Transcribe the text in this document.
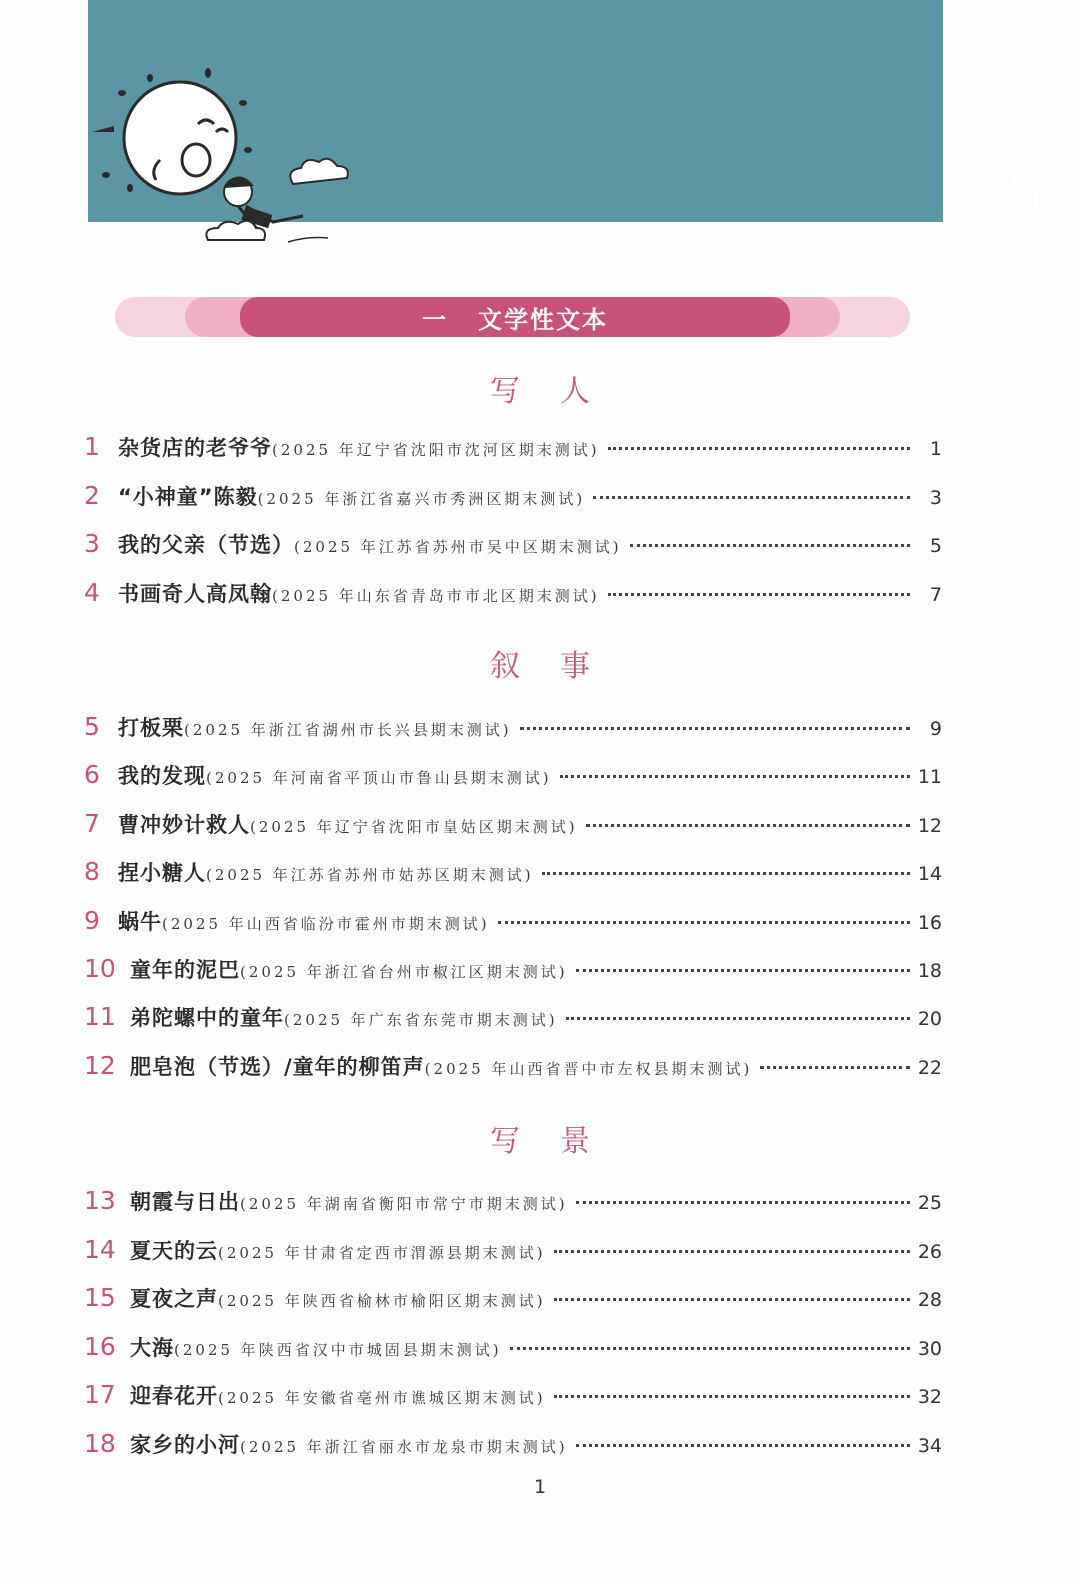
目
录
一 文学性文本
写人
1 杂货店的老爷爷 (2025 年辽宁省沈阳市沈河区期末测试)	1
2 “小神童”陈毅 (2025 年浙江省嘉兴市秀洲区期末测试)	3
3 我的父亲（节选） (2025 年江苏省苏州市吴中区期末测试)	5
4 书画奇人高凤翰 (2025 年山东省青岛市市北区期末测试)	7
叙事
5 打板栗 (2025 年浙江省湖州市长兴县期末测试)	9
6 我的发现 (2025 年河南省平顶山市鲁山县期末测试)	11
7 曹冲妙计救人 (2025 年辽宁省沈阳市皇姑区期末测试)	12
8 捏小糖人 (2025 年江苏省苏州市姑苏区期末测试)	14
9 蜗牛 (2025 年山西省临汾市霍州市期末测试)	16
10 童年的泥巴 (2025 年浙江省台州市椒江区期末测试)	18
11 弟陀螺中的童年 (2025 年广东省东莞市期末测试)	20
12 肥皂泡（节选）/童年的柳笛声 (2025 年山西省晋中市左权县期末测试)	22
写景
13 朝霞与日出 (2025 年湖南省衡阳市常宁市期末测试)	25
14 夏天的云 (2025 年甘肃省定西市渭源县期末测试)	26
15 夏夜之声 (2025 年陕西省榆林市榆阳区期末测试)	28
16 大海 (2025 年陕西省汉中市城固县期末测试)	30
17 迎春花开 (2025 年安徽省亳州市谯城区期末测试)	32
18 家乡的小河 (2025 年浙江省丽水市龙泉市期末测试)	34
1
